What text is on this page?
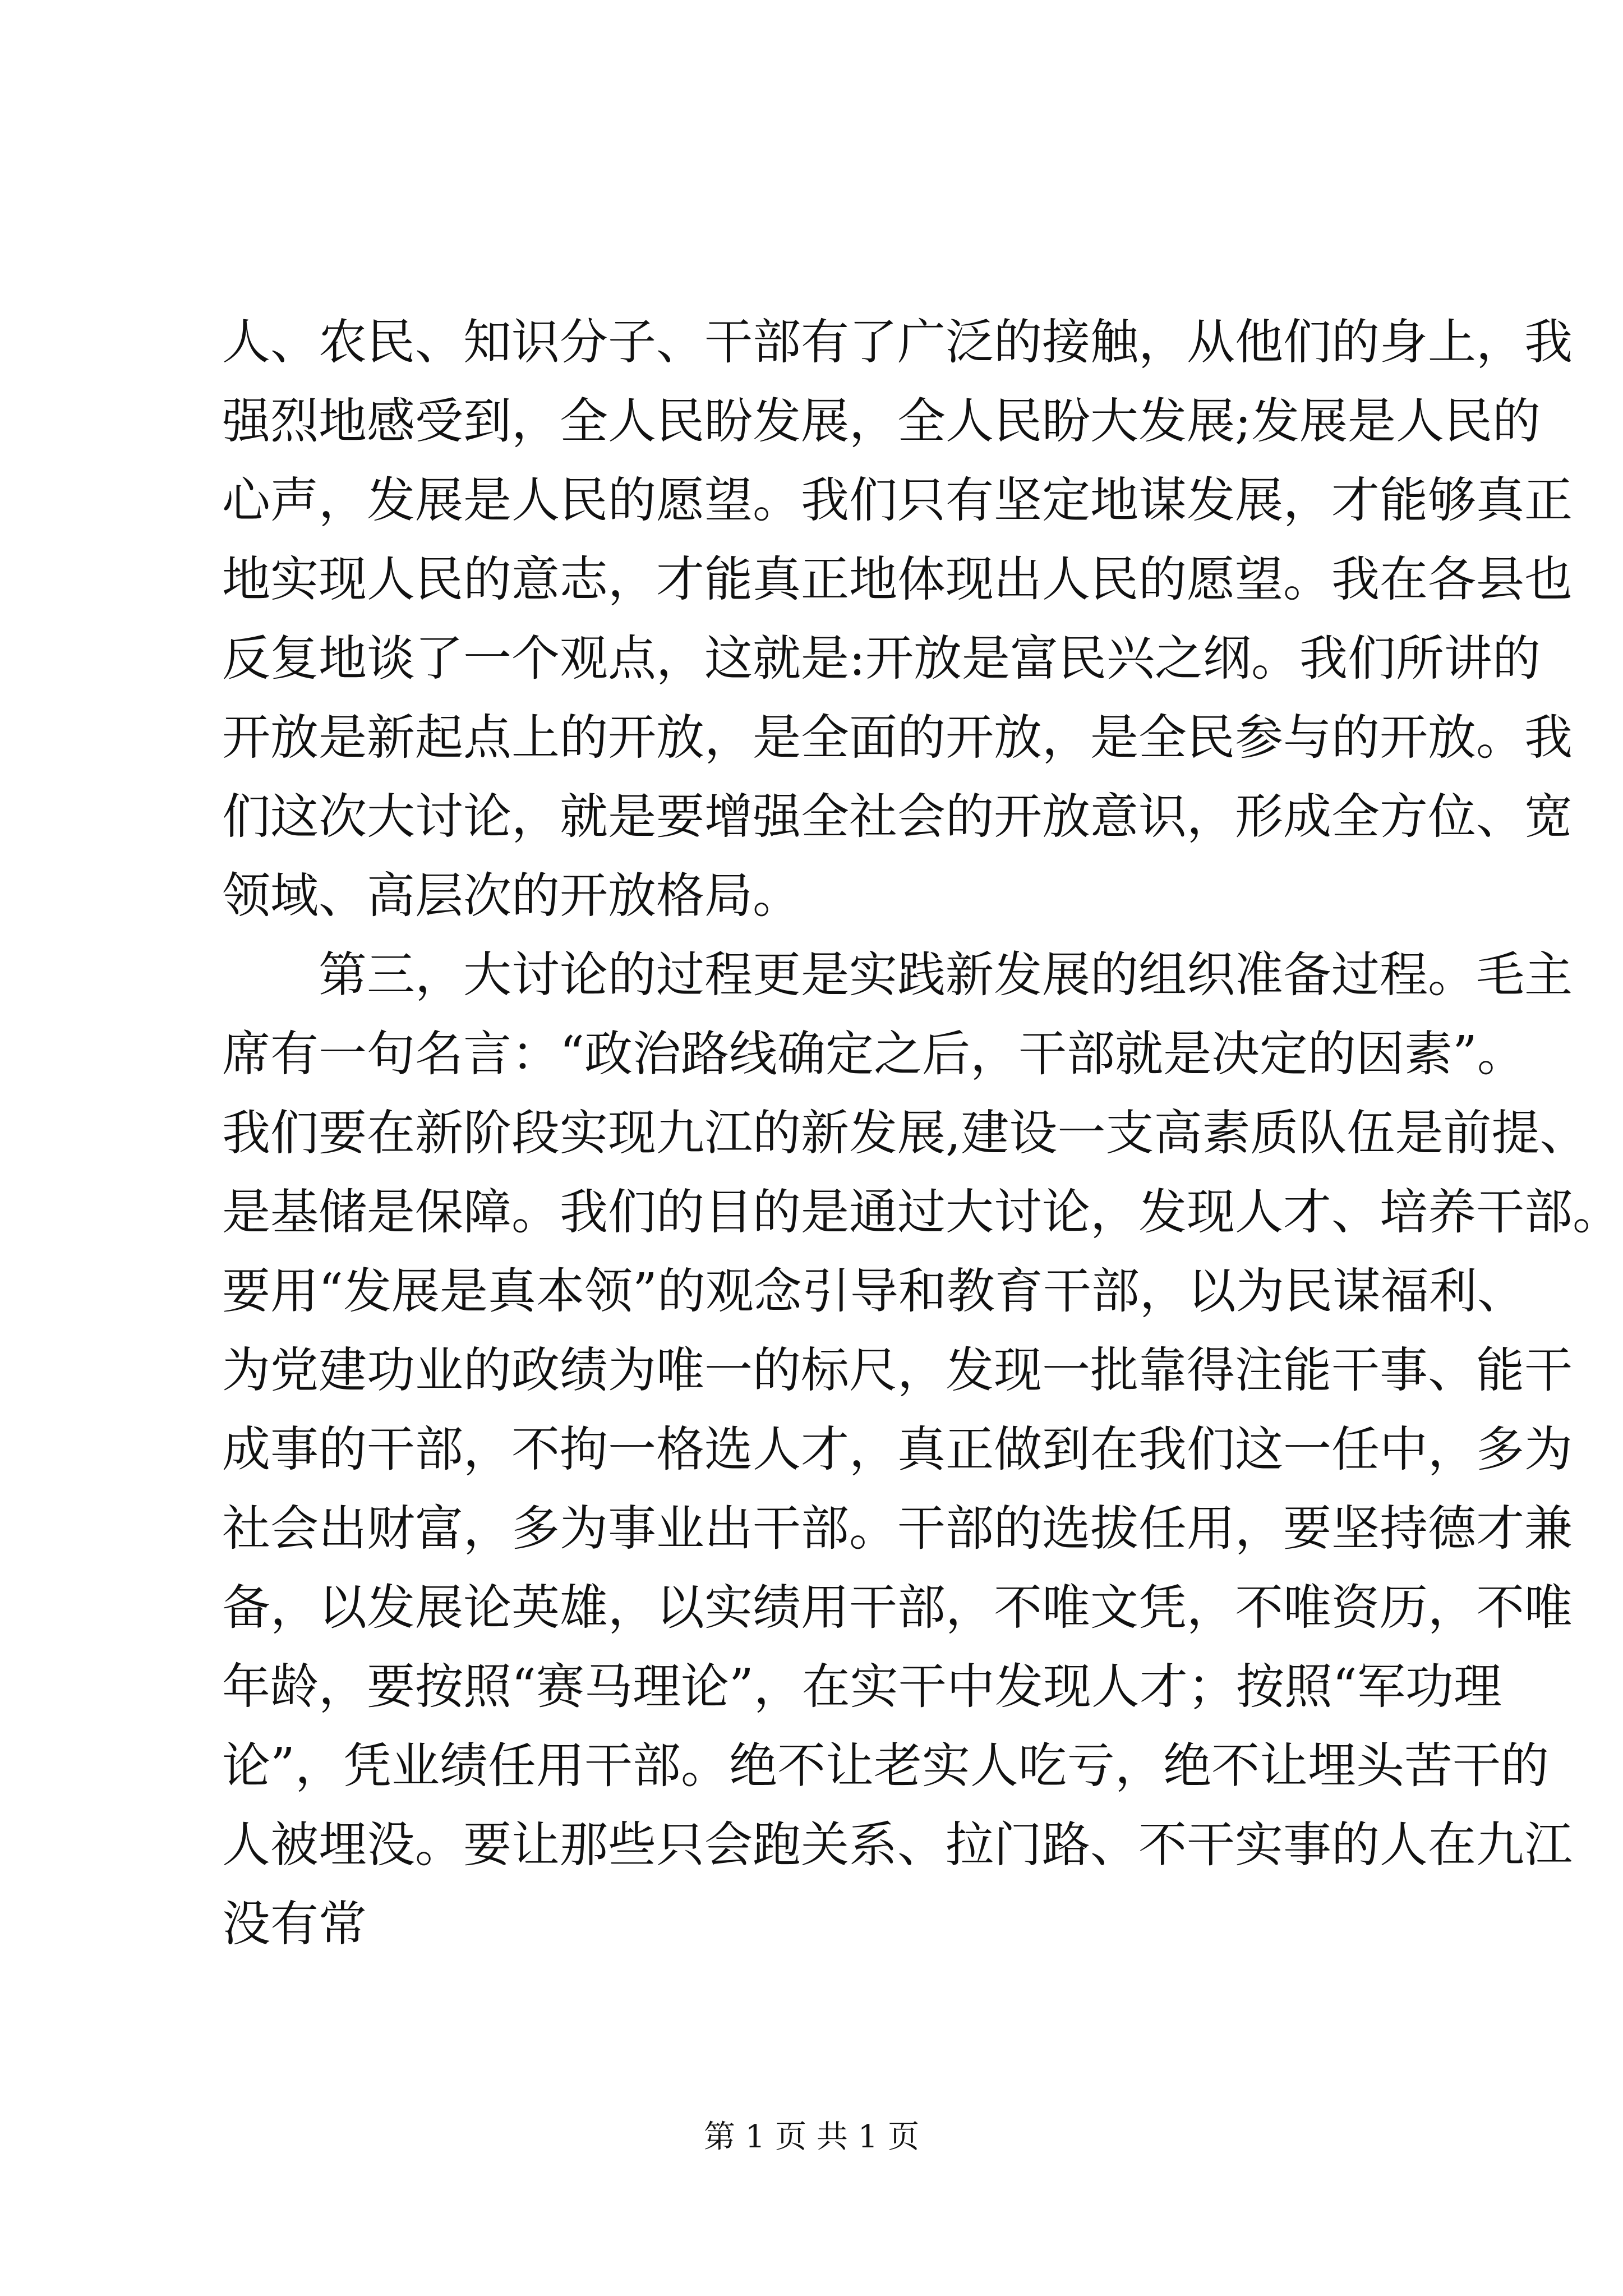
人、农民、知识分子、干部有了广泛的接触，从他们的身上，我
强烈地感受到，全人民盼发展，全人民盼大发展;发展是人民的
心声，发展是人民的愿望。我们只有坚定地谋发展，才能够真正
地实现人民的意志，才能真正地体现出人民的愿望。我在各县也
反复地谈了一个观点，这就是:开放是富民兴之纲。我们所讲的
开放是新起点上的开放，是全面的开放，是全民参与的开放。我
们这次大讨论，就是要增强全社会的开放意识，形成全方位、宽
领域、高层次的开放格局。
第三，大讨论的过程更是实践新发展的组织准备过程。毛主
席有一句名言：“政治路线确定之后，干部就是决定的因素”。
我们要在新阶段实现九江的新发展,建设一支高素质队伍是前提、
是基储是保障。我们的目的是通过大讨论，发现人才、培养干部。
要用“发展是真本领”的观念引导和教育干部，以为民谋福利、
为党建功业的政绩为唯一的标尺，发现一批靠得注能干事、能干
成事的干部，不拘一格选人才，真正做到在我们这一任中，多为
社会出财富，多为事业出干部。干部的选拔任用，要坚持德才兼
备，以发展论英雄，以实绩用干部，不唯文凭，不唯资历，不唯
年龄，要按照“赛马理论”，在实干中发现人才；按照“军功理
论”，凭业绩任用干部。绝不让老实人吃亏，绝不让埋头苦干的
人被埋没。要让那些只会跑关系、拉门路、不干实事的人在九江
没有常
第 1 页 共 1 页
